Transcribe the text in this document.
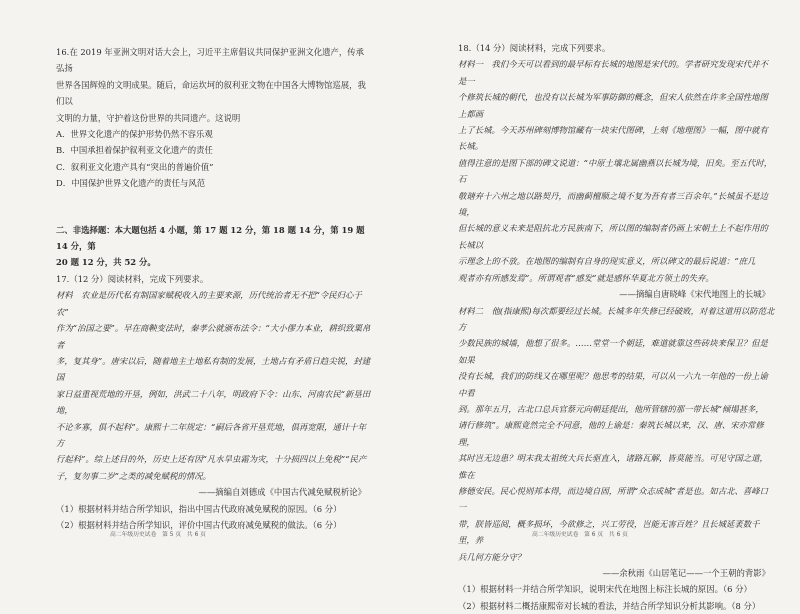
16.在 2019 年亚洲文明对话大会上，习近平主席倡议共同保护亚洲文化遗产，传承弘扬

世界各国辉煌的文明成果。随后，命运坎坷的叙利亚文物在中国各大博物馆巡展，我们以

文明的力量，守护着这份世界的共同遗产。这说明

A．世界文化遗产的保护形势仍然不容乐观

B．中国承担着保护叙利亚文化遗产的责任

C．叙利亚文化遗产具有“突出的普遍价值”

D．中国保护世界文化遗产的责任与风范

二、非选择题：本大题包括 4 小题，第 17 题 12 分，第 18 题 14 分，第 19 题 14 分，第

20 题 12 分，共 52 分。

17.（12 分）阅读材料，完成下列要求。

材料　农业是历代私有制国家赋税收入的主要来源，历代统治者无不把“令民归心于农”

作为“治国之要”。早在商鞅变法时，秦孝公就颁布法令：“大小僇力本业，耕织致粟帛者

多，复其身”。唐宋以后，随着地主土地私有制的发展，土地占有矛盾日趋尖锐，封建国

家日益重视荒地的开垦，例如，洪武二十八年，明政府下令：山东、河南农民“新垦田地，

不论多寡，俱不起科”。康熙十二年规定：“嗣后各省开垦荒地，俱再宽限，通计十年方

行起科”。综上述目的外，历史上还有因“凡水旱虫霜为灾，十分损四以上免税”“民产

子，复勿事二岁”之类的减免赋税的情况。

——摘编自刘德成《中国古代减免赋税析论》

（1）根据材料并结合所学知识，指出中国古代政府减免赋税的原因。（6 分）

（2）根据材料并结合所学知识，评价中国古代政府减免赋税的做法。（6 分）

高二年级历史试卷　第 5 页　共 6 页

18.（14 分）阅读材料，完成下列要求。

材料一　我们今天可以看到的最早标有长城的地图是宋代的。学者研究发现宋代并不是一

个修筑长城的朝代，也没有以长城为军事防御的概念，但宋人依然在许多全国性地图上都画

上了长城。今天苏州碑刻博物馆藏有一块宋代图碑，上刻《地理图》一幅，图中就有长城。

值得注意的是图下部的碑文说道：“中原土壤北属幽燕以长城为境，旧矣。至五代时，石

敬瑭弃十六州之地以路契丹，而幽蓟檀顺之境不复为吾有者三百余年。”长城虽不是边境，

但长城的意义未来是阻抗北方民族南下，所以图的编制者仍画上宋朝土上不起作用的长城以

示理念上的不放。在地图的编制有自身的现实意义，所以碑文的最后说道：“庶几

观者亦有所感发焉”。所谓观者“感发”就是感怀华夏北方领土的失弃。

——摘编自唐晓峰《宋代地图上的长城》

材料二　他(指康熙)每次都要经过长城。长城多年失修已经破败，对着这道用以防范北方

少数民族的城墙，他想了很多。……堂堂一个朝廷，难道就靠这些砖块来保卫？但是如果

没有长城，我们的防线又在哪里呢？他思考的结果，可以从一六九一年他的一份上谕中看

到。那年五月，古北口总兵官蔡元向朝廷提出，他所管辖的那一带长城“倾塌甚多，

请行修筑”。康熙竟然完全不同意，他的上谕是：秦筑长城以来，汉、唐、宋亦常修理，

其时岂无边患？明末我太祖统大兵长驱直入，诸路瓦解，皆莫能当。可见守国之道，惟在

修德安民。民心悦则邦本得，而边境自固，所谓“众志成城”者是也。如古北、喜峰口一

带，朕皆巡阅，概多损坏，今欲修之，兴工劳役，岂能无害百姓？且长城延袤数千里，养

兵几何方能分守？

——余秋雨《山居笔记——一个王朝的背影》

（1）根据材料一并结合所学知识，说明宋代在地图上标注长城的原因。（6 分）

（2）根据材料二概括康熙帝对长城的看法，并结合所学知识分析其影响。（8 分）

高二年级历史试卷　第 6 页　共 6 页
